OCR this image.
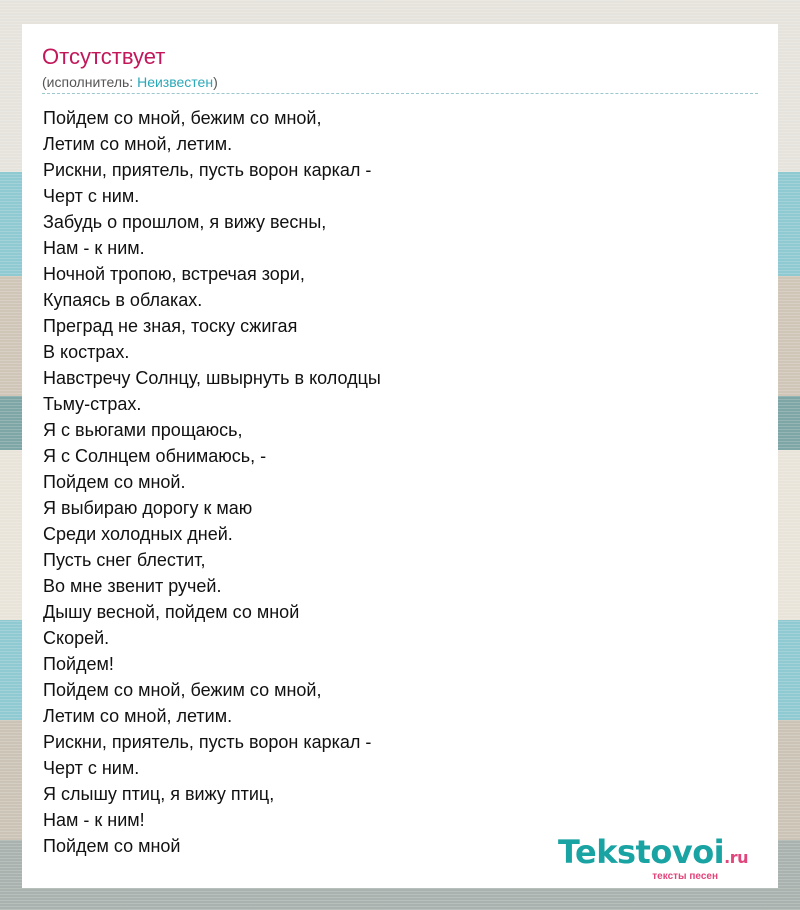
Отсутствует
(исполнитель: Неизвестен)
Пойдем со мной, бежим со мной,
Летим со мной, летим.
Рискни, приятель, пусть ворон каркал -
Черт с ним.
Забудь о прошлом, я вижу весны,
Нам - к ним.
Ночной тропою, встречая зори,
Купаясь в облаках.
Преград не зная, тоску сжигая
В кострах.
Навстречу Солнцу, швырнуть в колодцы
Тьму-страх.
Я с вьюгами прощаюсь,
Я с Солнцем обнимаюсь, -
Пойдем со мной.
Я выбираю дорогу к маю
Среди холодных дней.
Пусть снег блестит,
Во мне звенит ручей.
Дышу весной, пойдем со мной
Скорей.
Пойдем!
Пойдем со мной, бежим со мной,
Летим со мной, летим.
Рискни, приятель, пусть ворон каркал -
Черт с ним.
Я слышу птиц, я вижу птиц,
Нам - к ним!
Пойдем со мной	Tekstovoi.ru
тексты песен
